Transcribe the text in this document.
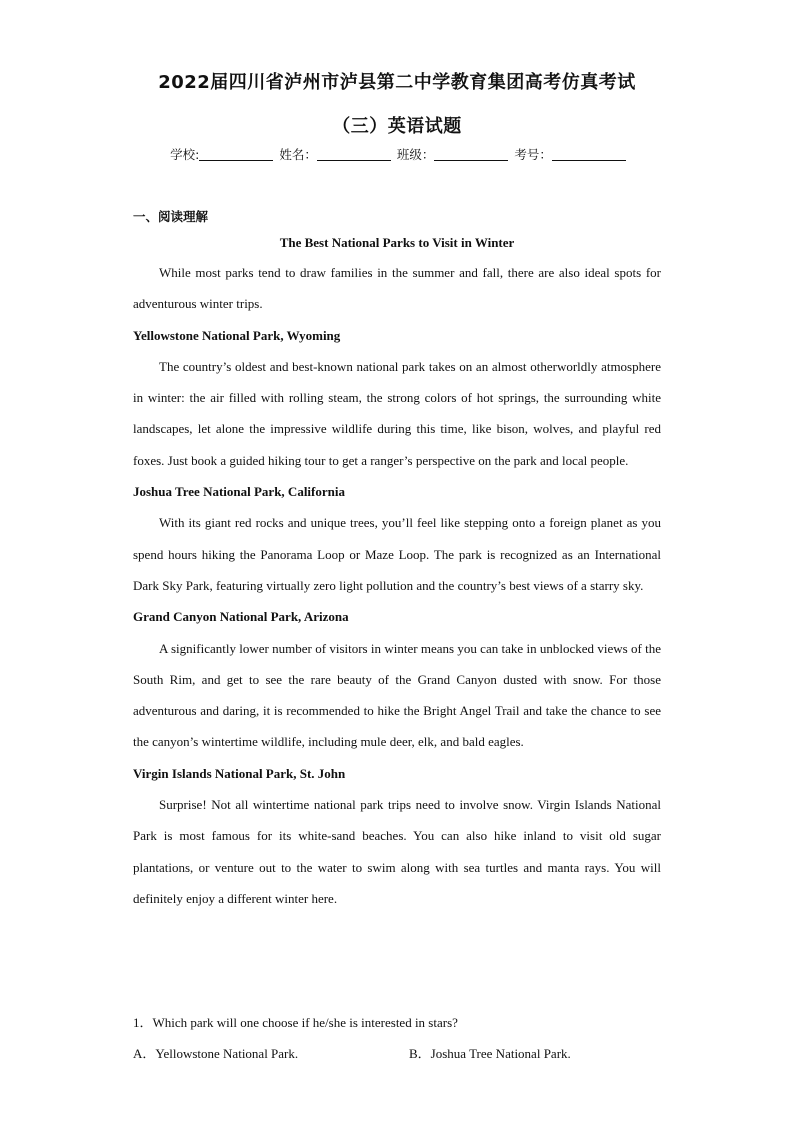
2022届四川省泸州市泸县第二中学教育集团高考仿真考试
（三）英语试题
学校:	姓名：	班级：	考号：
一、阅读理解
The Best National Parks to Visit in Winter

While most parks tend to draw families in the summer and fall, there are also ideal spots for adventurous winter trips.

Yellowstone National Park, Wyoming

The country’s oldest and best-known national park takes on an almost otherworldly atmosphere in winter: the air filled with rolling steam, the strong colors of hot springs, the surrounding white landscapes, let alone the impressive wildlife during this time, like bison, wolves, and playful red foxes. Just book a guided hiking tour to get a ranger’s perspective on the park and local people.

Joshua Tree National Park, California

With its giant red rocks and unique trees, you’ll feel like stepping onto a foreign planet as you spend hours hiking the Panorama Loop or Maze Loop. The park is recognized as an International Dark Sky Park, featuring virtually zero light pollution and the country’s best views of a starry sky.

Grand Canyon National Park, Arizona

A significantly lower number of visitors in winter means you can take in unblocked views of the South Rim, and get to see the rare beauty of the Grand Canyon dusted with snow. For those adventurous and daring, it is recommended to hike the Bright Angel Trail and take the chance to see the canyon’s wintertime wildlife, including mule deer, elk, and bald eagles.

Virgin Islands National Park, St. John

Surprise! Not all wintertime national park trips need to involve snow. Virgin Islands National Park is most famous for its white-sand beaches. You can also hike inland to visit old sugar plantations, or venture out to the water to swim along with sea turtles and manta rays. You will definitely enjoy a different winter here.

1．Which park will one choose if he/she is interested in stars?
A．Yellowstone National Park.	B．Joshua Tree National Park.
